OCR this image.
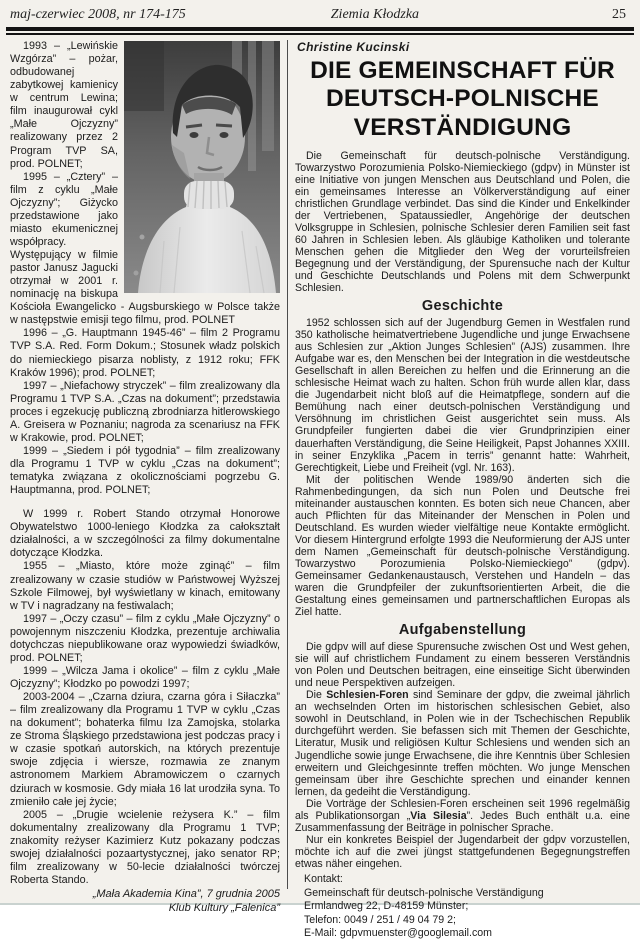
maj-czerwiec 2008, nr 174-175	Ziemia Kłodzka	25

1993 – „Lewińskie Wzgórza” – pożar, odbudowanej zabytkowej kamienicy w centrum Lewina; film inaugurował cykl „Małe Ojczyzny” realizowany przez 2 Program TVP SA, prod. POLNET;

1995 – „Cztery” – film z cyklu „Małe Ojczyzny”; Giżycko przedstawione jako miasto ekumenicznej współpracy. Występujący w filmie pastor Janusz Jagucki otrzymał w 2001 r. nominację na biskupa Kościoła Ewangelicko - Augsburskiego w Polsce także w następstwie emisji tego filmu, prod. POLNET

1996 – „G. Hauptmann 1945-46” – film 2 Programu TVP S.A. Red. Form Dokum.; Stosunek władz polskich do niemieckiego pisarza noblisty, z 1912 roku; FFK Kraków 1996); prod. POLNET;

1997 – „Niefachowy stryczek” – film zrealizowany dla Programu 1 TVP S.A. „Czas na dokument”; przedstawia proces i egzekucję publiczną zbrodniarza hitlerowskiego A. Greisera w Poznaniu; nagroda za scenariusz na FFK w Krakowie, prod. POLNET;

1999 – „Siedem i pół tygodnia” – film zrealizowany dla Programu 1 TVP w cyklu „Czas na dokument”; tematyka związana z okolicznościami pogrzebu G. Hauptmanna, prod. POLNET;

W 1999 r. Robert Stando otrzymał Honorowe Obywatelstwo 1000-leniego Kłodzka za całokształt działalności, a w szczególności za filmy dokumentalne dotyczące Kłodzka.

1955 – „Miasto, które może zginąć” – film zrealizowany w czasie studiów w Państwowej Wyższej Szkole Filmowej, był wyświetlany w kinach, emitowany w TV i nagradzany na festiwalach;

1997 – „Oczy czasu” – film z cyklu „Małe Ojczyzny” o powojennym niszczeniu Kłodzka, prezentuje archiwalia dotychczas niepublikowane oraz wypowiedzi świadków, prod. POLNET;

1999 – „Wilcza Jama i okolice” – film z cyklu „Małe Ojczyzny”; Kłodzko po powodzi 1997;

2003-2004 – „Czarna dziura, czarna góra i Siłaczka” – film zrealizowany dla Programu 1 TVP w cyklu „Czas na dokument”; bohaterka filmu Iza Zamojska, stolarka ze Stroma Śląskiego przedstawiona jest podczas pracy i w czasie spotkań autorskich, na których prezentuje swoje zdjęcia i wiersze, rozmawia ze znanym astronomem Markiem Abramowiczem o czarnych dziurach w kosmosie. Gdy miała 16 lat urodziła syna. To zmieniło całe jej życie;

2005 – „Drugie wcielenie reżysera K.” – film dokumentalny zrealizowany dla Programu 1 TVP; znakomity reżyser Kazimierz Kutz pokazany podczas swojej działalności pozaartystycznej, jako senator RP; film zrealizowany w 50-lecie działalności twórczej Roberta Stando.

„Mała Akademia Kina”, 7 grudnia 2005
Klub Kultury „Falenica”
Christine Kucinski
DIE GEMEINSCHAFT FÜR DEUTSCH-POLNISCHE VERSTÄNDIGUNG

Die Gemeinschaft für deutsch-polnische Verständigung. Towarzystwo Porozumienia Polsko-Niemieckiego (gdpv) in Münster ist eine Initiative von jungen Menschen aus Deutschland und Polen, die ein gemeinsames Interesse an Völkerverständigung auf einer christlichen Grundlage verbindet. Das sind die Kinder und Enkelkinder der Vertriebenen, Spataussiedler, Angehörige der deutschen Volksgruppe in Schlesien, polnische Schlesier deren Familien seit fast 60 Jahren in Schlesien leben. Als gläubige Katholiken und tolerante Menschen gehen die Mitglieder den Weg der vorurteilsfreien Begegnung und der Verständigung, der Spurensuche nach der Kultur und Geschichte Deutschlands und Polens mit dem Schwerpunkt Schlesien.

Geschichte

1952 schlossen sich auf der Jugendburg Gemen in Westfalen rund 350 katholische heimatvertriebene Jugendliche und junge Erwachsene aus Schlesien zur „Aktion Junges Schlesien” (AJS) zusammen. Ihre Aufgabe war es, den Menschen bei der Integration in die westdeutsche Gesellschaft in allen Bereichen zu helfen und die Erinnerung an die schlesische Heimat wach zu halten. Schon früh wurde allen klar, dass die Jugendarbeit nicht bloß auf die Heimatpflege, sondern auf die Bemühung nach einer deutsch-polnischen Verständigung und Versöhnung im christlichen Geist ausgerichtet sein muss. Als Grundpfeiler fungierten dabei die vier Grundprinzipien einer dauerhaften Verständigung, die Seine Heiligkeit, Papst Johannes XXIII. in seiner Enzyklika „Pacem in terris” genannt hatte: Wahrheit, Gerechtigkeit, Liebe und Freiheit (vgl. Nr. 163).

Mit der politischen Wende 1989/90 änderten sich die Rahmenbedingungen, da sich nun Polen und Deutsche frei miteinander austauschen konnten. Es boten sich neue Chancen, aber auch Pflichten für das Miteinander der Menschen in Polen und Deutschland. Es wurden wieder vielfältige neue Kontakte ermöglicht. Vor diesem Hintergrund erfolgte 1993 die Neuformierung der AJS unter dem Namen „Gemeinschaft für deutsch-polnische Verständigung. Towarzystwo Porozumienia Polsko-Niemieckiego” (gdpv). Gemeinsamer Gedankenaustausch, Verstehen und Handeln – das waren die Grundpfeiler der zukunftsorientierten Arbeit, die die Gestaltung eines gemeinsamen und partnerschaftlichen Europas als Ziel hatte.

Aufgabenstellung

Die gdpv will auf diese Spurensuche zwischen Ost und West gehen, sie will auf christlichem Fundament zu einem besseren Verständnis von Polen und Deutschen beitragen, eine einseitige Sicht überwinden und neue Perspektiven aufzeigen.

Die Schlesien-Foren sind Seminare der gdpv, die zweimal jährlich an wechselnden Orten im historischen schlesischen Gebiet, also sowohl in Deutschland, in Polen wie in der Tschechischen Republik durchgeführt werden. Sie befassen sich mit Themen der Geschichte, Literatur, Musik und religiösen Kultur Schlesiens und wenden sich an Jugendliche sowie junge Erwachsene, die ihre Kenntnis über Schlesien erweitern und Gleichgesinnte treffen möchten. Wo junge Menschen gemeinsam über ihre Geschichte sprechen und einander kennen lernen, da gedeiht die Verständigung.

Die Vorträge der Schlesien-Foren erscheinen seit 1996 regelmäßig als Publikationsorgan „Via Silesia”. Jedes Buch enthält u.a. eine Zusammenfassung der Beiträge in polnischer Sprache.

Nur ein konkretes Beispiel der Jugendarbeit der gdpv vorzustellen, möchte ich auf die zwei jüngst stattgefundenen Begegnungstreffen etwas näher eingehen.

Kontakt:
Gemeinschaft für deutsch-polnische Verständigung
Ermlandweg 22, D-48159 Münster;
Telefon: 0049 / 251 / 49 04 79 2;
E-Mail: gdpvmuenster@googlemail.com
